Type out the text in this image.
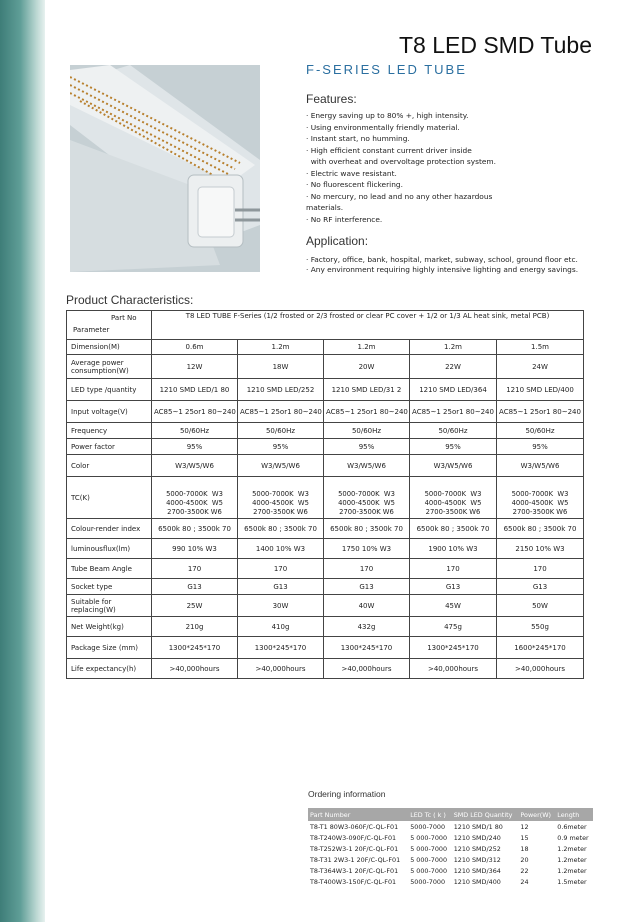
T8 LED SMD Tube
F-SERIES LED TUBE
Features:
· Energy saving up to 80% +, high intensity.
· Using environmentally friendly material.
· Instant start, no humming.
· High efficient constant current driver inside
with overheat and overvoltage protection system.
· Electric wave resistant.
· No fluorescent flickering.
· No mercury, no lead and no any other hazardous materials.
· No RF interference.
Application:
· Factory, office, bank, hospital, market, subway, school, ground floor etc.
· Any environment requiring highly intensive lighting and energy savings.
Product Characteristics:
Part No
Parameter	T8 LED TUBE F-Series (1/2 frosted or 2/3 frosted or clear PC cover + 1/2 or 1/3 AL heat sink, metal PCB)				
Dimension(M)	0.6m	1.2m	1.2m	1.2m	1.5m
Average power consumption(W)	12W	18W	20W	22W	24W
LED type /quantity	1210 SMD LED/1 80	1210 SMD LED/252	1210 SMD LED/31 2	1210 SMD LED/364	1210 SMD LED/400
Input voltage(V)	AC85~1 25or1 80~240	AC85~1 25or1 80~240	AC85~1 25or1 80~240	AC85~1 25or1 80~240	AC85~1 25or1 80~240
Frequency	50/60Hz	50/60Hz	50/60Hz	50/60Hz	50/60Hz
Power factor	95%	95%	95%	95%	95%
Color	W3/W5/W6	W3/W5/W6	W3/W5/W6	W3/W5/W6	W3/W5/W6
TC(K)	5000-7000K  W3
4000-4500K  W5
2700-3500K W6	5000-7000K  W3
4000-4500K  W5
2700-3500K W6	5000-7000K  W3
4000-4500K  W5
2700-3500K W6	5000-7000K  W3
4000-4500K  W5
2700-3500K W6	5000-7000K  W3
4000-4500K  W5
2700-3500K W6
Colour-render index	6500k 80 ; 3500k 70	6500k 80 ; 3500k 70	6500k 80 ; 3500k 70	6500k 80 ; 3500k 70	6500k 80 ; 3500k 70
luminousflux(lm)	990 10% W3	1400 10% W3	1750 10% W3	1900 10% W3	2150 10% W3
Tube Beam Angle	170	170	170	170	170
Socket type	G13	G13	G13	G13	G13
Suitable for replacing(W)	25W	30W	40W	45W	50W
Net Weight(kg)	210g	410g	432g	475g	550g
Package Size (mm)	1300*245*170	1300*245*170	1300*245*170	1300*245*170	1600*245*170
Life expectancy(h)	>40,000hours	>40,000hours	>40,000hours	>40,000hours	>40,000hours
Ordering information
Part Number	LED Tc ( k )	SMD LED Quantity	Power(W)	Length
T8-T1 80W3-060F/C-QL-F01	5000-7000	1210 SMD/1 80	12	0.6meter
T8-T240W3-090F/C-QL-F01	5 000-7000	1210 SMD/240	15	0.9 meter
T8-T252W3-1 20F/C-QL-F01	5 000-7000	1210 SMD/252	18	1.2meter
T8-T31 2W3-1 20F/C-QL-F01	5 000-7000	1210 SMD/312	20	1.2meter
T8-T364W3-1 20F/C-QL-F01	5 000-7000	1210 SMD/364	22	1.2meter
T8-T400W3-150F/C-QL-F01	5000-7000	1210 SMD/400	24	1.5meter
